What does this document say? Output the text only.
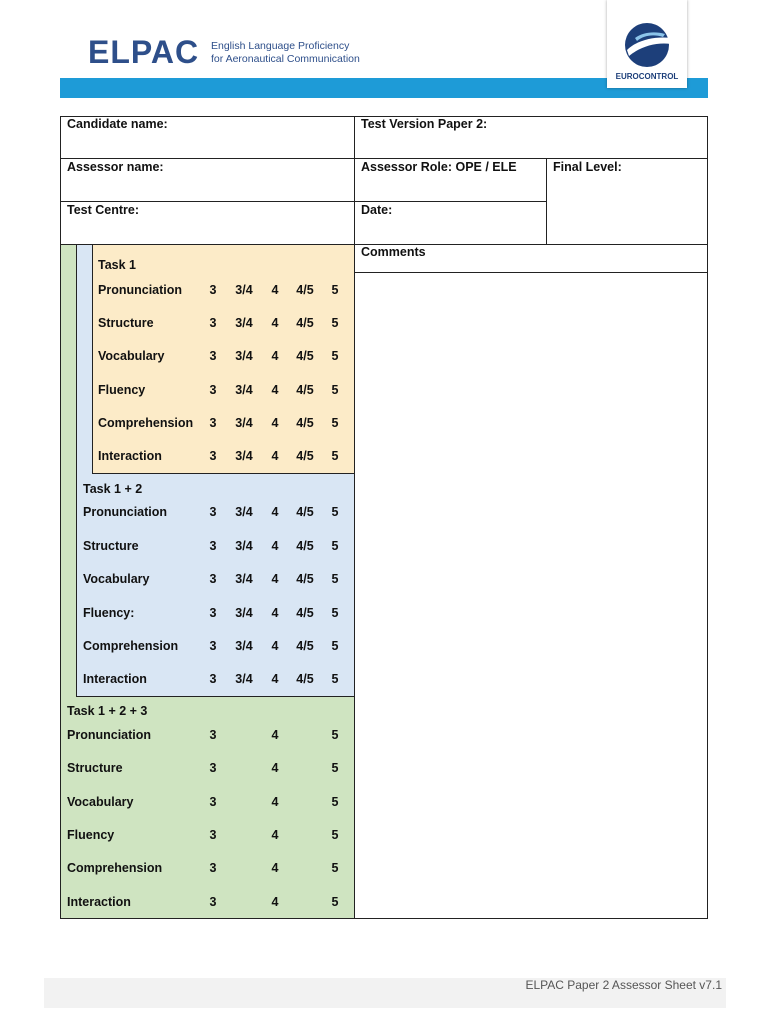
ELPAC English Language Proficiency
for Aeronautical Communication
EUROCONTROL
Candidate name:	Test Version Paper 2:
Assessor name:	Assessor Role: OPE / ELE	Final Level:
Test Centre:	Date:
Comments
Task 1
Pronunciation	3	3/4	4	4/5	5
Structure	3	3/4	4	4/5	5
Vocabulary	3	3/4	4	4/5	5
Fluency	3	3/4	4	4/5	5
Comprehension	3	3/4	4	4/5	5
Interaction	3	3/4	4	4/5	5
Task 1 + 2
Pronunciation	3	3/4	4	4/5	5
Structure	3	3/4	4	4/5	5
Vocabulary	3	3/4	4	4/5	5
Fluency:	3	3/4	4	4/5	5
Comprehension	3	3/4	4	4/5	5
Interaction	3	3/4	4	4/5	5
Task 1 + 2 + 3
Pronunciation	3	4	5
Structure	3	4	5
Vocabulary	3	4	5
Fluency	3	4	5
Comprehension	3	4	5
Interaction	3	4	5
ELPAC Paper 2 Assessor Sheet v7.1
